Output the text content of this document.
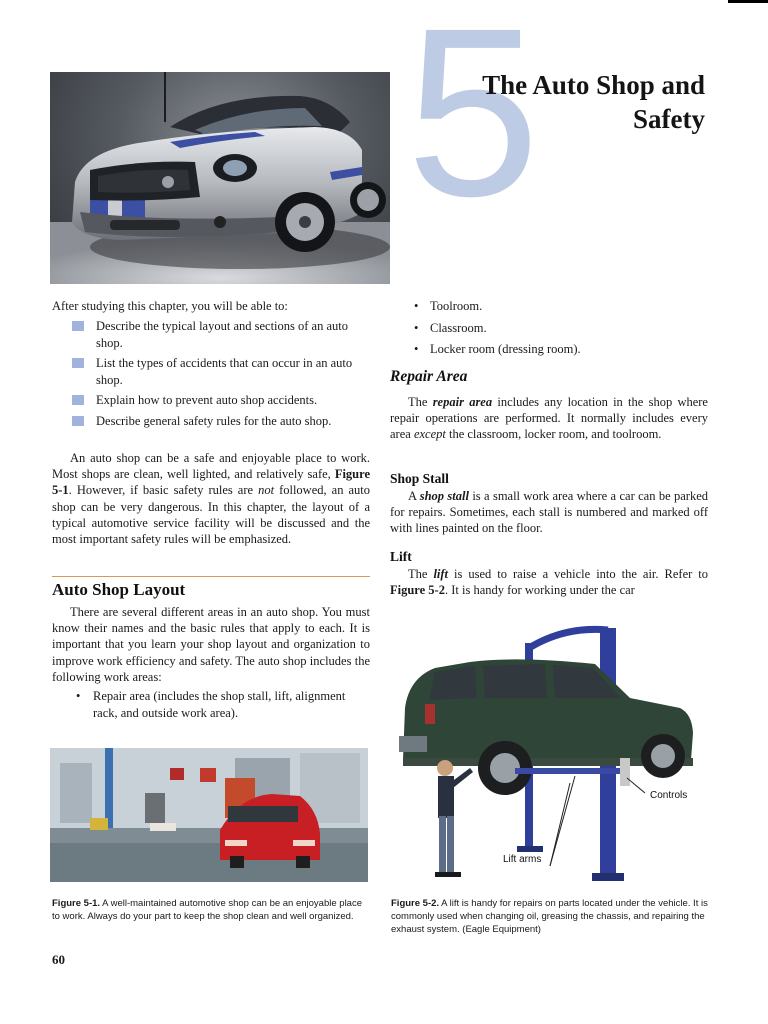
5
The Auto Shop and
Safety
After studying this chapter, you will be able to:
Describe the typical layout and sections of an auto shop.
List the types of accidents that can occur in an auto shop.
Explain how to prevent auto shop accidents.
Describe general safety rules for the auto shop.

An auto shop can be a safe and enjoyable place to work. Most shops are clean, well lighted, and relatively safe, Figure 5-1. However, if basic safety rules are not followed, an auto shop can be very dangerous. In this chapter, the layout of a typical automotive service facility will be discussed and the most important safety rules will be emphasized.

Auto Shop Layout

There are several different areas in an auto shop. You must know their names and the basic rules that apply to each. It is important that you learn your shop layout and organization to improve work efficiency and safety. The auto shop includes the following work areas:

• Repair area (includes the shop stall, lift, alignment rack, and outside work area).
Figure 5-1. A well-maintained automotive shop can be an enjoyable place to work. Always do your part to keep the shop clean and well organized.
60
• Toolroom.
• Classroom.
• Locker room (dressing room).
Repair Area

The repair area includes any location in the shop where repair operations are performed. It normally includes every area except the classroom, locker room, and toolroom.

Shop Stall

A shop stall is a small work area where a car can be parked for repairs. Sometimes, each stall is numbered and marked off with lines painted on the floor.

Lift

The lift is used to raise a vehicle into the air. Refer to Figure 5-2. It is handy for working under the car

Controls
Lift arms
Figure 5-2. A lift is handy for repairs on parts located under the vehicle. It is commonly used when changing oil, greasing the chassis, and repairing the exhaust system. (Eagle Equipment)
